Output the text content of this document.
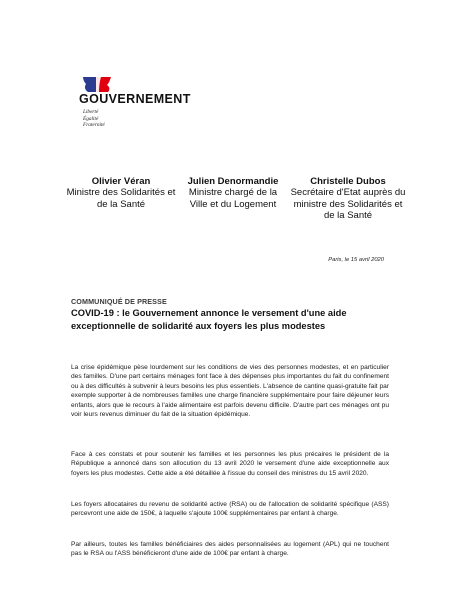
GOUVERNEMENT
Liberté
Égalité
Fraternité
Olivier Véran
Ministre des Solidarités et de la Santé
Julien Denormandie
Ministre chargé de la Ville et du Logement
Christelle Dubos
Secrétaire d'Etat auprès du ministre des Solidarités et de la Santé
Paris, le 15 avril 2020
COMMUNIQUÉ DE PRESSE
COVID-19 : le Gouvernement annonce le versement d'une aide exceptionnelle de solidarité aux foyers les plus modestes
La crise épidémique pèse lourdement sur les conditions de vies des personnes modestes, et en particulier des familles. D'une part certains ménages font face à des dépenses plus importantes du fait du confinement ou à des difficultés à subvenir à leurs besoins les plus essentiels. L'absence de cantine quasi-gratuite fait par exemple supporter à de nombreuses familles une charge financière supplémentaire pour faire déjeuner leurs enfants, alors que le recours à l'aide alimentaire est parfois devenu difficile. D'autre part ces ménages ont pu voir leurs revenus diminuer du fait de la situation épidémique.
Face à ces constats et pour soutenir les familles et les personnes les plus précaires le président de la République a annoncé dans son allocution du 13 avril 2020 le versement d'une aide exceptionnelle aux foyers les plus modestes. Cette aide a été détaillée à l'issue du conseil des ministres du 15 avril 2020.
Les foyers allocataires du revenu de solidarité active (RSA) ou de l'allocation de solidarité spécifique (ASS) percevront une aide de 150€, à laquelle s'ajoute 100€ supplémentaires par enfant à charge.
Par ailleurs, toutes les familles bénéficiaires des aides personnalisées au logement (APL) qui ne touchent pas le RSA ou l'ASS bénéficieront d'une aide de 100€ par enfant à charge.
